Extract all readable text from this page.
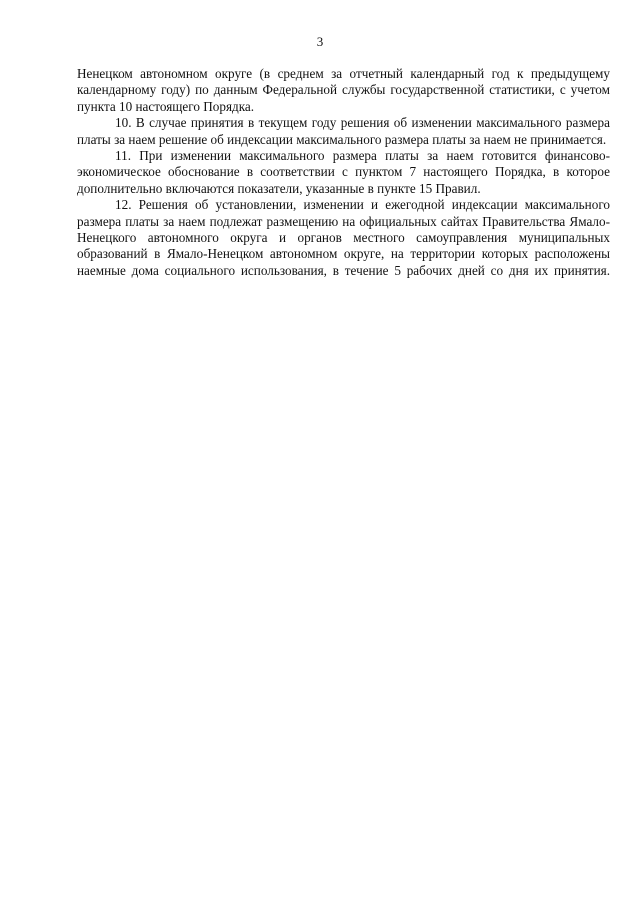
3

Ненецком автономном округе (в среднем за отчетный календарный год к предыдущему календарному году) по данным Федеральной службы государственной статистики, с учетом пункта 10 настоящего Порядка.

10. В случае принятия в текущем году решения об изменении максимального размера платы за наем решение об индексации максимального размера платы за наем не принимается.

11. При изменении максимального размера платы за наем готовится финансово-экономическое обоснование в соответствии с пунктом 7 настоящего Порядка, в которое дополнительно включаются показатели, указанные в пункте 15 Правил.

12. Решения об установлении, изменении и ежегодной индексации максимального размера платы за наем подлежат размещению на официальных сайтах Правительства Ямало-Ненецкого автономного округа и органов местного самоуправления муниципальных образований в Ямало-Ненецком автономном округе, на территории которых расположены наемные дома социального использования, в течение 5 рабочих дней со дня их принятия.
